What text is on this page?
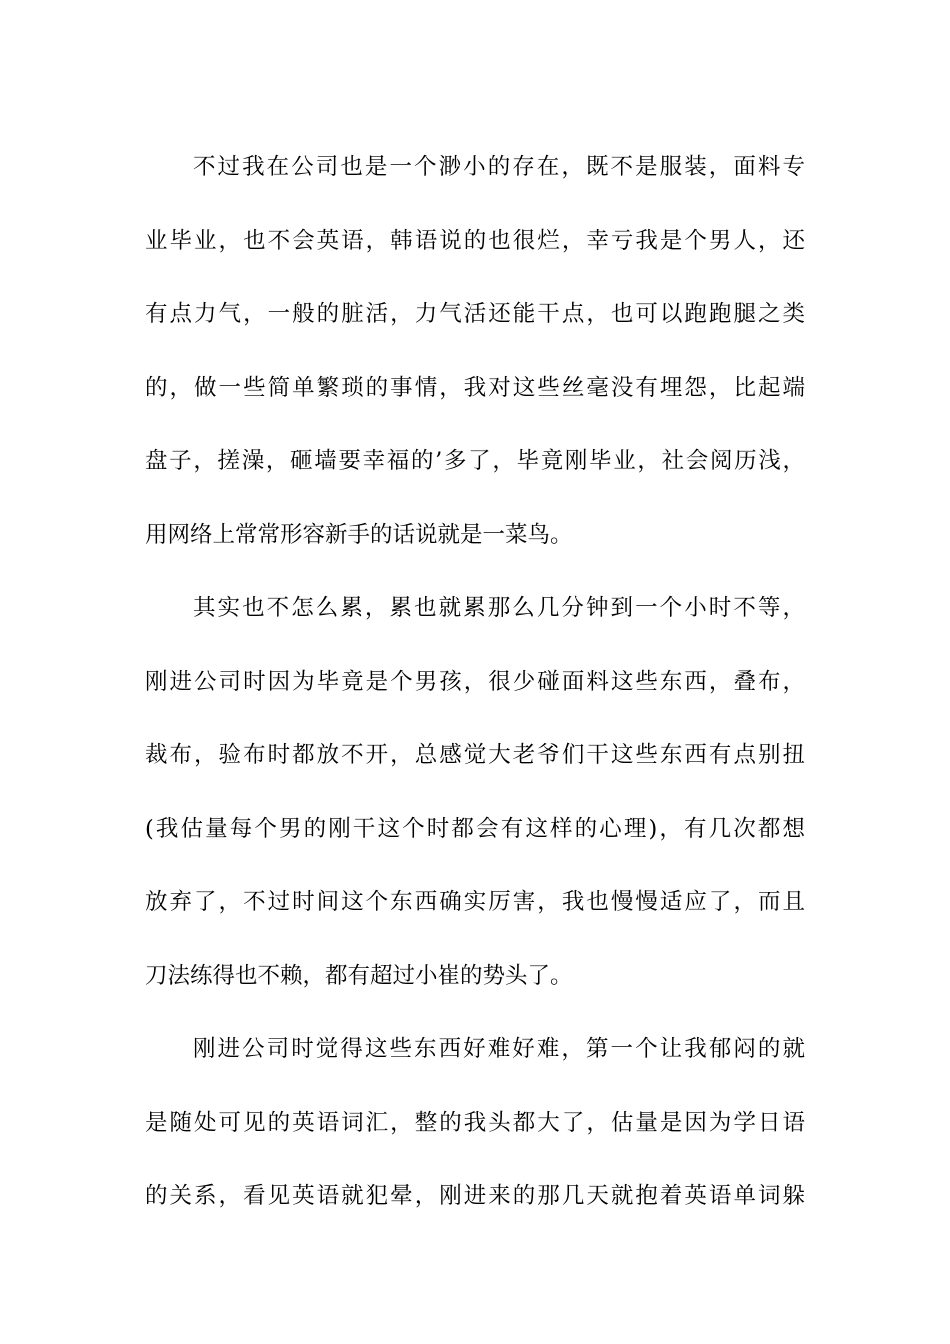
不过我在公司也是一个渺小的存在，既不是服装，面料专
业毕业，也不会英语，韩语说的也很烂，幸亏我是个男人，还
有点力气，一般的脏活，力气活还能干点，也可以跑跑腿之类
的，做一些简单繁琐的事情，我对这些丝毫没有埋怨，比起端
盘子，搓澡，砸墙要幸福的’多了，毕竟刚毕业，社会阅历浅，
用网络上常常形容新手的话说就是一菜鸟。
其实也不怎么累，累也就累那么几分钟到一个小时不等，
刚进公司时因为毕竟是个男孩，很少碰面料这些东西，叠布，
裁布，验布时都放不开，总感觉大老爷们干这些东西有点别扭
(我估量每个男的刚干这个时都会有这样的心理)，有几次都想
放弃了，不过时间这个东西确实厉害，我也慢慢适应了，而且
刀法练得也不赖，都有超过小崔的势头了。
刚进公司时觉得这些东西好难好难，第一个让我郁闷的就
是随处可见的英语词汇，整的我头都大了，估量是因为学日语
的关系，看见英语就犯晕，刚进来的那几天就抱着英语单词躲
